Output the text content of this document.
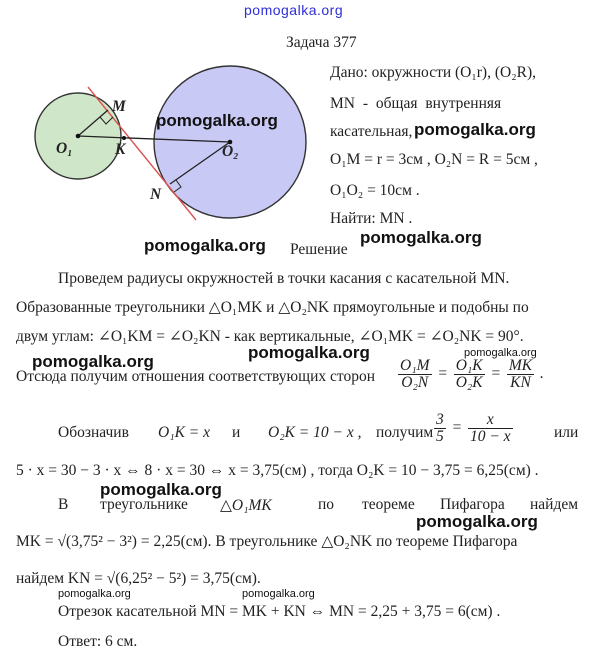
pomogalka.org
Задача 377
O₁	O₂
M
K
N
Дано: окружности (O₁r), (O₂R),
MN - общая внутренняя
касательная,
O₁M = r = 3см , O₂N = R = 5см ,
O₁O₂ = 10см .
Найти: MN .
Решение
Проведем радиусы окружностей в точки касания с касательной MN.
Образованные треугольники △O₁MK и △O₂NK прямоугольные и подобны по
двум углам: ∠O₁KM = ∠O₂KN - как вертикальные, ∠O₁MK = ∠O₂NK = 90°.
Отсюда получим отношения соответствующих сторон $\frac{\text{O₁M}}{\text{O₂N}} = \frac{\text{O₁K}}{\text{O₂K}} = \frac{MK}{KN}$ .
Обозначив O₁K = x и O₂K = 10 − x , получим $\frac{3}{5} = \frac{x}{10 - x}$	или
5 · x = 30 − 3 · x ⇔ 8 · x = 30 ⇔ x = 3,75(см) , тогда O₂K = 10 − 3,75 = 6,25(см) .
В треугольнике △O₁MK	по теореме Пифагора найдем
MK = √(3,75² − 3²) = 2,25(см). В треугольнике △O₂NK по теореме Пифагора
найдем KN = √(6,25² − 5²) = 3,75(см).
Отрезок касательной MN = MK + KN ⇔ MN = 2,25 + 3,75 = 6(см) .
Ответ: 6 см.
pomogalka.org	pomogalka.org
pomogalka.org	pomogalka.org
pomogalka.org	pomogalka.org	pomogalka.org
pomogalka.org
pomogalka.org
pomogalka.org	pomogalka.org
